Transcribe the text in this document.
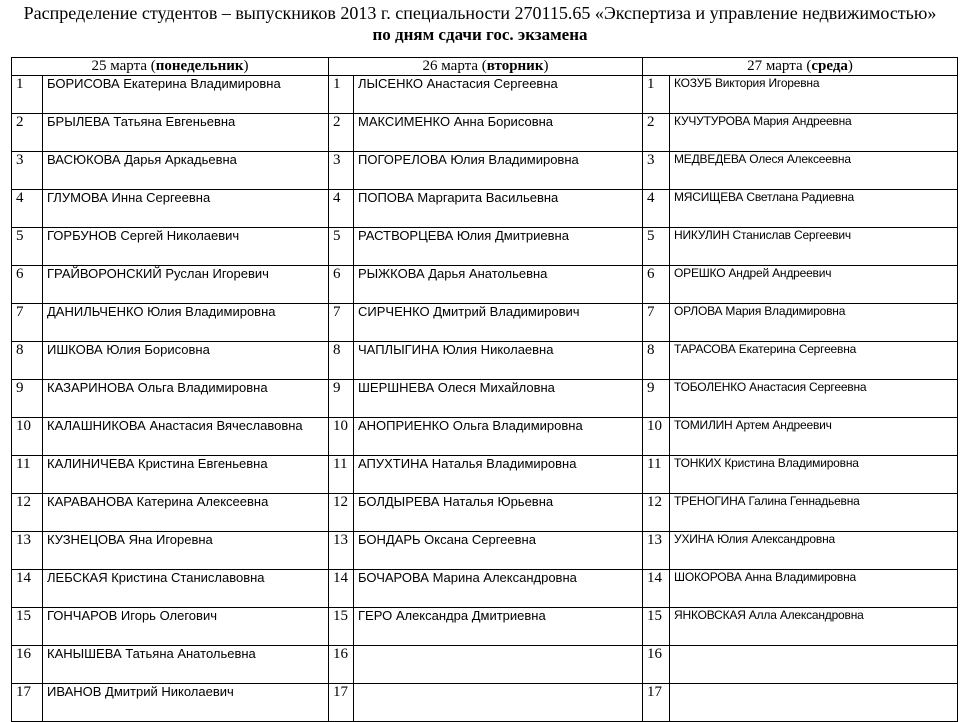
Распределение студентов – выпускников 2013 г. специальности 270115.65 «Экспертиза и управление недвижимостью»
по дням сдачи гос. экзамена
25 марта (понедельник)		26 марта (вторник)		27 марта (среда)	
1	БОРИСОВА Екатерина Владимировна	1	ЛЫСЕНКО Анастасия Сергеевна	1	КОЗУБ Виктория Игоревна
2	БРЫЛЕВА Татьяна Евгеньевна	2	МАКСИМЕНКО Анна Борисовна	2	КУЧУТУРОВА Мария Андреевна
3	ВАСЮКОВА Дарья Аркадьевна	3	ПОГОРЕЛОВА Юлия Владимировна	3	МЕДВЕДЕВА Олеся Алексеевна
4	ГЛУМОВА Инна Сергеевна	4	ПОПОВА Маргарита Васильевна	4	МЯСИЩЕВА Светлана Радиевна
5	ГОРБУНОВ Сергей Николаевич	5	РАСТВОРЦЕВА Юлия Дмитриевна	5	НИКУЛИН Станислав Сергеевич
6	ГРАЙВОРОНСКИЙ Руслан Игоревич	6	РЫЖКОВА Дарья Анатольевна	6	ОРЕШКО Андрей Андреевич
7	ДАНИЛЬЧЕНКО Юлия Владимировна	7	СИРЧЕНКО Дмитрий Владимирович	7	ОРЛОВА Мария Владимировна
8	ИШКОВА Юлия Борисовна	8	ЧАПЛЫГИНА Юлия Николаевна	8	ТАРАСОВА Екатерина Сергеевна
9	КАЗАРИНОВА Ольга Владимировна	9	ШЕРШНЕВА Олеся Михайловна	9	ТОБОЛЕНКО Анастасия Сергеевна
10	КАЛАШНИКОВА Анастасия Вячеславовна	10	АНОПРИЕНКО Ольга Владимировна	10	ТОМИЛИН Артем Андреевич
11	КАЛИНИЧЕВА Кристина Евгеньевна	11	АПУХТИНА Наталья Владимировна	11	ТОНКИХ Кристина Владимировна
12	КАРАВАНОВА Катерина Алексеевна	12	БОЛДЫРЕВА Наталья Юрьевна	12	ТРЕНОГИНА Галина Геннадьевна
13	КУЗНЕЦОВА Яна Игоревна	13	БОНДАРЬ Оксана Сергеевна	13	УХИНА Юлия Александровна
14	ЛЕБСКАЯ Кристина Станиславовна	14	БОЧАРОВА Марина Александровна	14	ШОКОРОВА Анна Владимировна
15	ГОНЧАРОВ Игорь Олегович	15	ГЕРО Александра Дмитриевна	15	ЯНКОВСКАЯ Алла Александровна
16	КАНЫШЕВА Татьяна Анатольевна	16		16	
17	ИВАНОВ Дмитрий Николаевич	17		17	
